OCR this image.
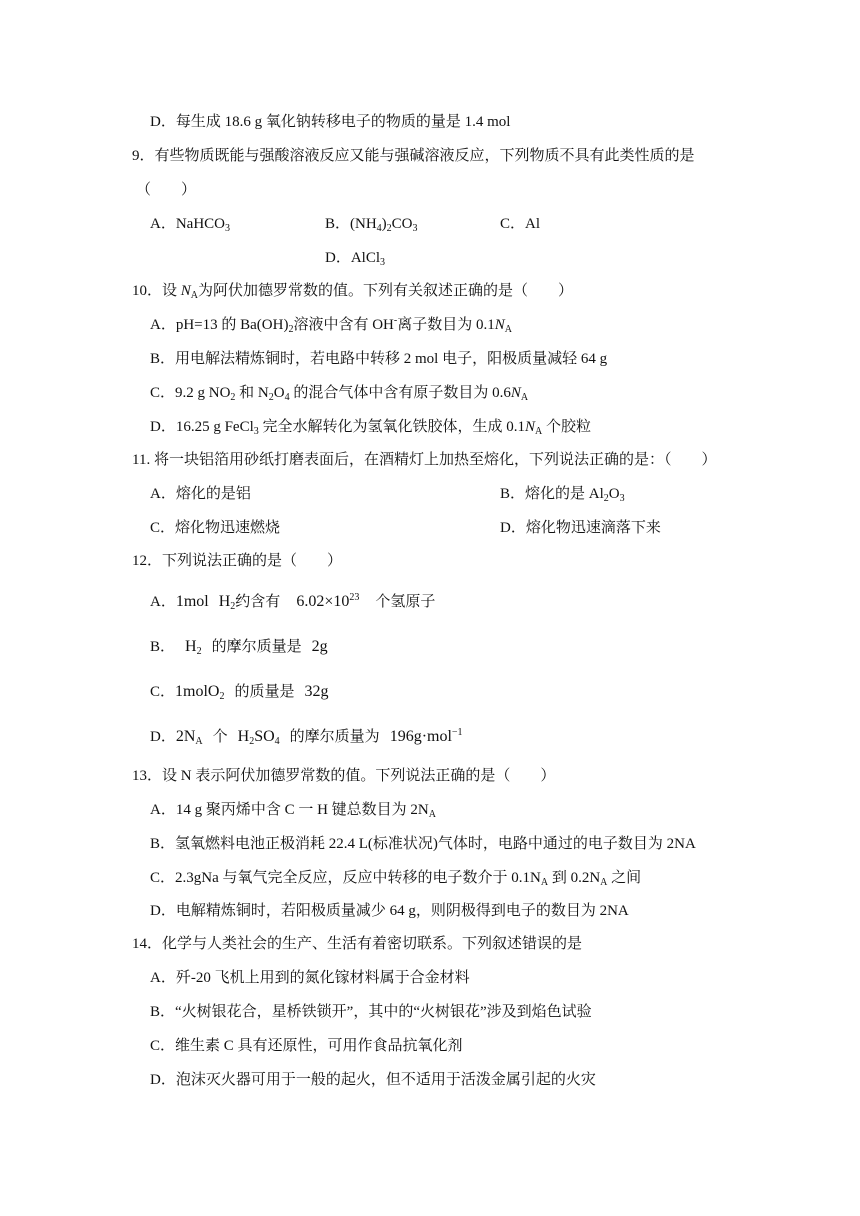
D．每生成 18.6 g 氧化钠转移电子的物质的量是 1.4 mol
9．有些物质既能与强酸溶液反应又能与强碱溶液反应，下列物质不具有此类性质的是
（　　）
A．NaHCO$_3$	B．$(NH_4)_2CO_3$	C．Al
D．AlCl$_3$
10．设 $N_A$为阿伏加德罗常数的值。下列有关叙述正确的是（　　）
A．pH=13 的 $Ba(OH)_2$溶液中含有 OH-离子数目为 $0.1N_A$
B．用电解法精炼铜时，若电路中转移 2 mol 电子，阳极质量减轻 64 g
C．9.2 g $NO_2$ 和 $N_2O_4$ 的混合气体中含有原子数目为 $0.6N_A$
D．16.25 g FeCl$_3$ 完全水解转化为氢氧化铁胶体，生成 $0.1N_A$ 个胶粒
11. 将一块铝箔用砂纸打磨表面后，在酒精灯上加热至熔化，下列说法正确的是：（　　）
A．熔化的是铝	B．熔化的是 $Al_2O_3$
C．熔化物迅速燃烧	D．熔化物迅速滴落下来
12．下列说法正确的是（　　）
A．1mol $H_2$约含有 $6.02\times 10^{23}$ 个氢原子
B． $H_2$ 的摩尔质量是 2g
C．1molO$_2$ 的质量是 32g
D．$2N_A$ 个 $H_2SO_4$ 的摩尔质量为 196g·mol$^{-1}$
13．设 N 表示阿伏加德罗常数的值。下列说法正确的是（　　）
A．14 g 聚丙烯中含 C 一 H 键总数目为 $2N_A$
B．氢氧燃料电池正极消耗 22.4 L(标准状况)气体时，电路中通过的电子数目为 2NA
C．2.3gNa 与氧气完全反应，反应中转移的电子数介于 $0.1N_A$ 到 $0.2N_A$ 之间
D．电解精炼铜时，若阳极质量减少 64 g，则阴极得到电子的数目为 2NA
14．化学与人类社会的生产、生活有着密切联系。下列叙述错误的是
A．歼-20 飞机上用到的氮化镓材料属于合金材料
B．“火树银花合，星桥铁锁开”，其中的“火树银花”涉及到焰色试验
C．维生素 C 具有还原性，可用作食品抗氧化剂
D．泡沫灭火器可用于一般的起火，但不适用于活泼金属引起的火灾
